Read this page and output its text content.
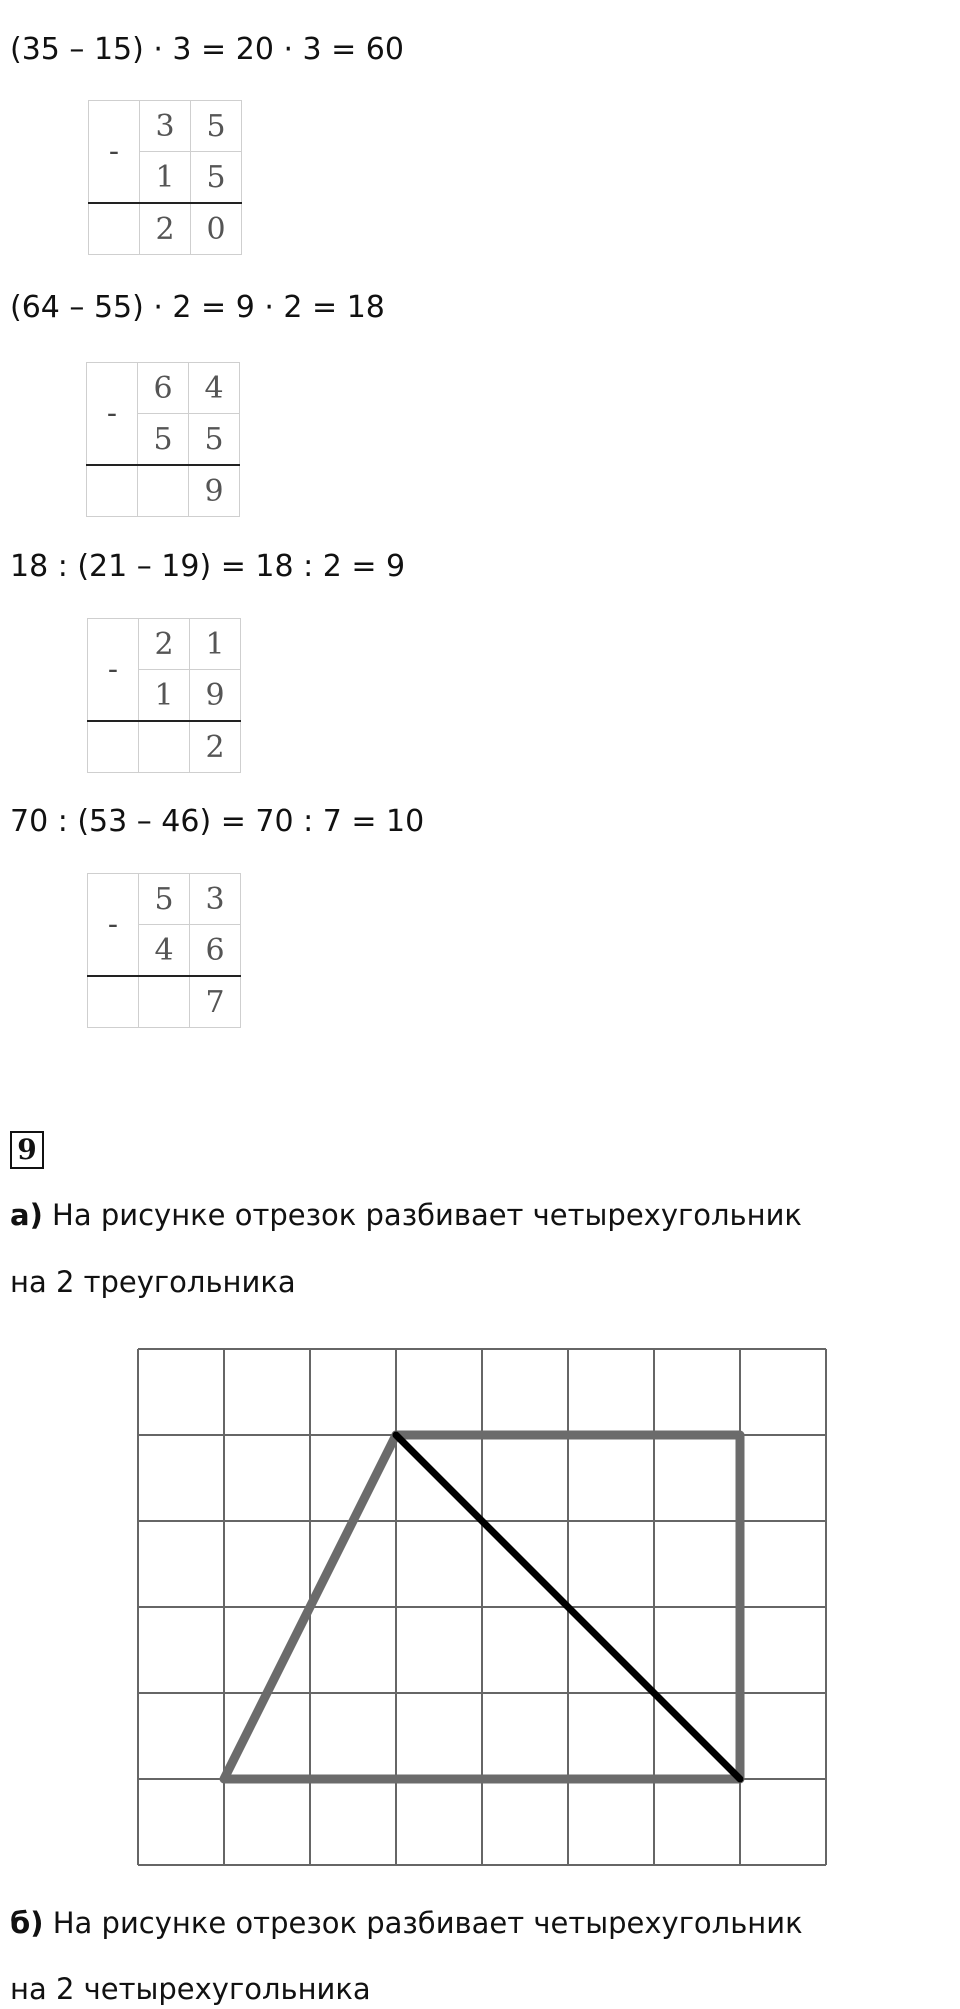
(35 – 15) · 3 = 20 · 3 = 60
-	3	5
	1	5
	2	0
(64 – 55) · 2 = 9 · 2 = 18
-	6	4
	5	5
		9
18 : (21 – 19) = 18 : 2 = 9
-	2	1
	1	9
		2
70 : (53 – 46) = 70 : 7 = 10
-	5	3
	4	6
		7
9
а) На рисунке отрезок разбивает четырехугольник
на 2 треугольника
б) На рисунке отрезок разбивает четырехугольник
на 2 четырехугольника
